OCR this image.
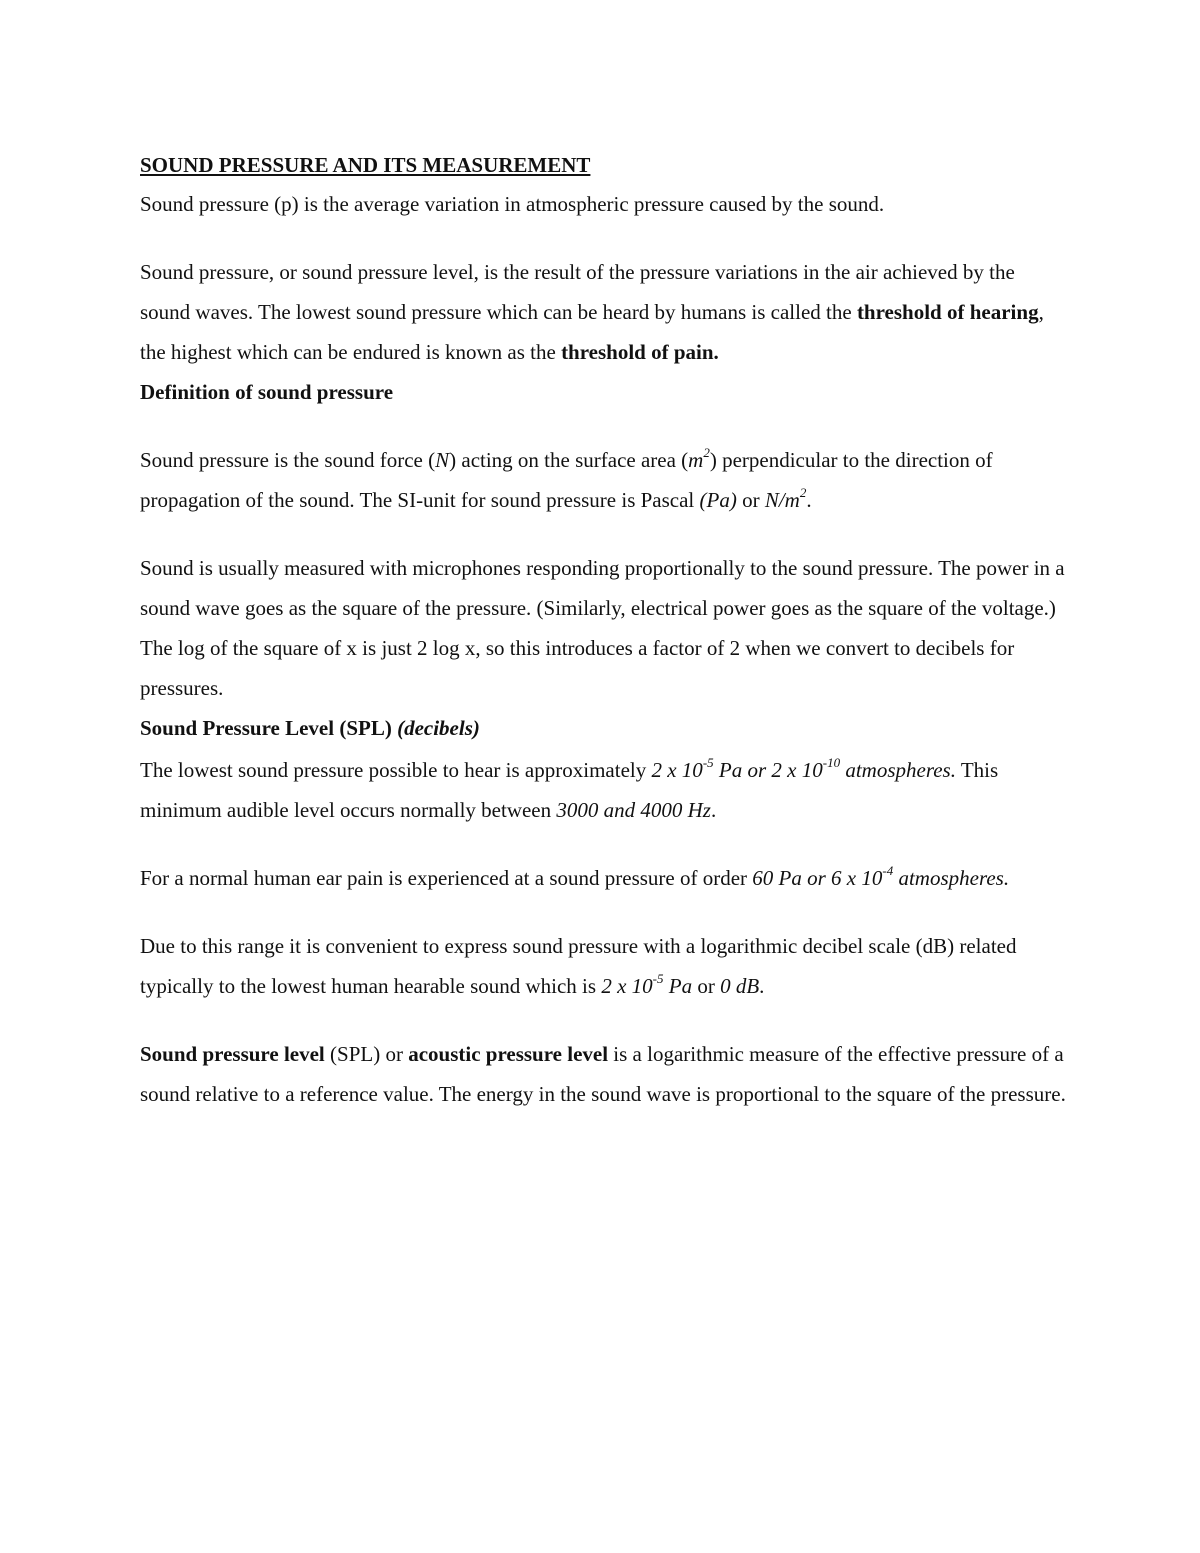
SOUND PRESSURE AND ITS MEASUREMENT

Sound pressure (p) is the average variation in atmospheric pressure caused by the sound.

Sound pressure, or sound pressure level, is the result of the pressure variations in the air achieved by the sound waves. The lowest sound pressure which can be heard by humans is called the threshold of hearing, the highest which can be endured is known as the threshold of pain.

Definition of sound pressure

Sound pressure is the sound force (N) acting on the surface area $(m^2)$ perpendicular to the direction of propagation of the sound. The SI-unit for sound pressure is Pascal (Pa) or $N/m^2$.

Sound is usually measured with microphones responding proportionally to the sound pressure. The power in a sound wave goes as the square of the pressure. (Similarly, electrical power goes as the square of the voltage.) The log of the square of x is just 2 log x, so this introduces a factor of 2 when we convert to decibels for pressures.

Sound Pressure Level (SPL) (decibels)

The lowest sound pressure possible to hear is approximately 2 x $10^{-5}$ Pa or 2 x $10^{-10}$ atmospheres. This minimum audible level occurs normally between 3000 and 4000 Hz.

For a normal human ear pain is experienced at a sound pressure of order 60 Pa or 6 x $10^{-4}$ atmospheres.

Due to this range it is convenient to express sound pressure with a logarithmic decibel scale (dB) related typically to the lowest human hearable sound which is 2 x $10^{-5}$ Pa or 0 dB.

Sound pressure level (SPL) or acoustic pressure level is a logarithmic measure of the effective pressure of a sound relative to a reference value. The energy in the sound wave is proportional to the square of the pressure.
